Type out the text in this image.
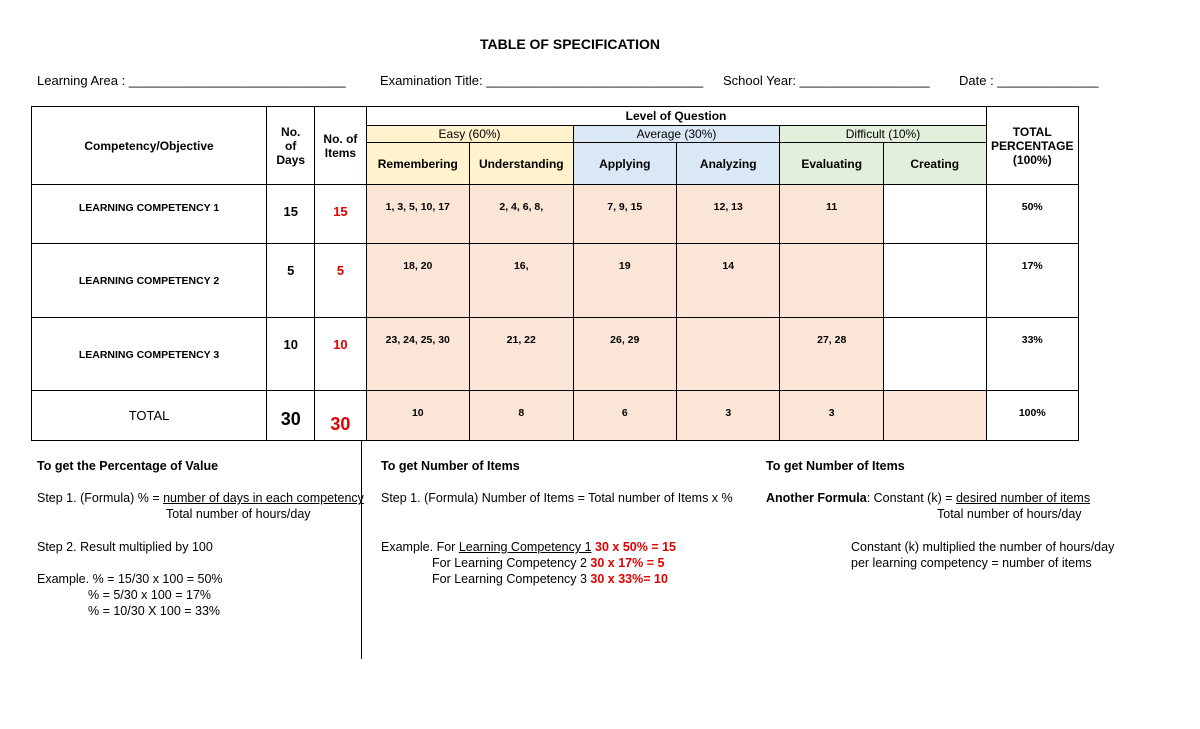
TABLE OF SPECIFICATION
Learning Area : ______________________________	Examination Title: ______________________________ School Year: __________________ Date : ______________
Competency/Objective	No.
of
Days	No. of
Items	Level of Question						TOTAL
PERCENTAGE
(100%)
			Easy (60%)		Average (30%)		Difficult (10%)		
			Remembering	Understanding	Applying	Analyzing	Evaluating	Creating	
LEARNING COMPETENCY 1	15	15	1, 3, 5, 10, 17	2, 4, 6, 8,	7, 9, 15	12, 13	11		50%
LEARNING COMPETENCY 2	5	5	18, 20	16,	19	14			17%
LEARNING COMPETENCY 3	10	10	23, 24, 25, 30	21, 22	26, 29		27, 28		33%
TOTAL	30	30	10	8	6	3	3		100%
To get the Percentage of Value
Step 1. (Formula) % = number of days in each competency
Total number of hours/day
Step 2. Result multiplied by 100
Example. % = 15/30 x 100 = 50%
% = 5/30 x 100 = 17%
% = 10/30 X 100 = 33%
To get Number of Items
Step 1. (Formula) Number of Items = Total number of Items x %
Example. For Learning Competency 1 30 x 50% = 15
For Learning Competency 2 30 x 17% = 5
For Learning Competency 3 30 x 33%= 10
To get Number of Items
Another Formula: Constant (k) = desired number of items
Total number of hours/day
Constant (k) multiplied the number of hours/day
per learning competency = number of items
